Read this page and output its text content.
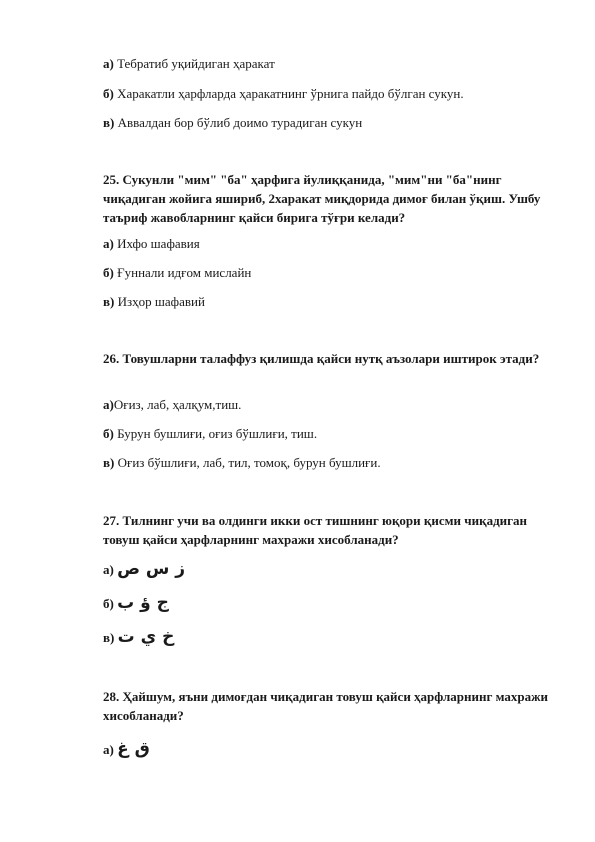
а) Тебратиб уқийдиган ҳаракат
б) Харакатли ҳарфларда ҳаракатнинг ўрнига пайдо бўлган сукун.
в) Аввалдан бор бўлиб доимо турадиган сукун
25. Сукунли "мим" "ба" ҳарфига йулиққанида, "мим"ни "ба"нинг чиқадиган жойига яшириб, 2харакат миқдорида димоғ билан ўқиш. Ушбу таъриф жавобларнинг қайси бирига тўғри келади?
а) Ихфо шафавия
б) Ғуннали идғом мислайн
в) Изҳор шафавий
26. Товушларни талаффуз қилишда қайси нутқ аъзолари иштирок этади?
а)Оғиз, лаб, ҳалқум,тиш.
б) Бурун бушлиғи, оғиз бўшлиғи, тиш.
в) Оғиз бўшлиғи, лаб, тил, томоқ, бурун бушлиғи.
27. Тилнинг учи ва олдинги икки ост тишнинг юқори қисми чиқадиган товуш қайси ҳарфларнинг махражи хисобланади?
а) ز س ص
б) ج ؤ ب
в) خ ي ت
28. Ҳайшум, яъни димоғдан чиқадиган товуш қайси ҳарфларнинг махражи хисобланади?
а) ق غ
